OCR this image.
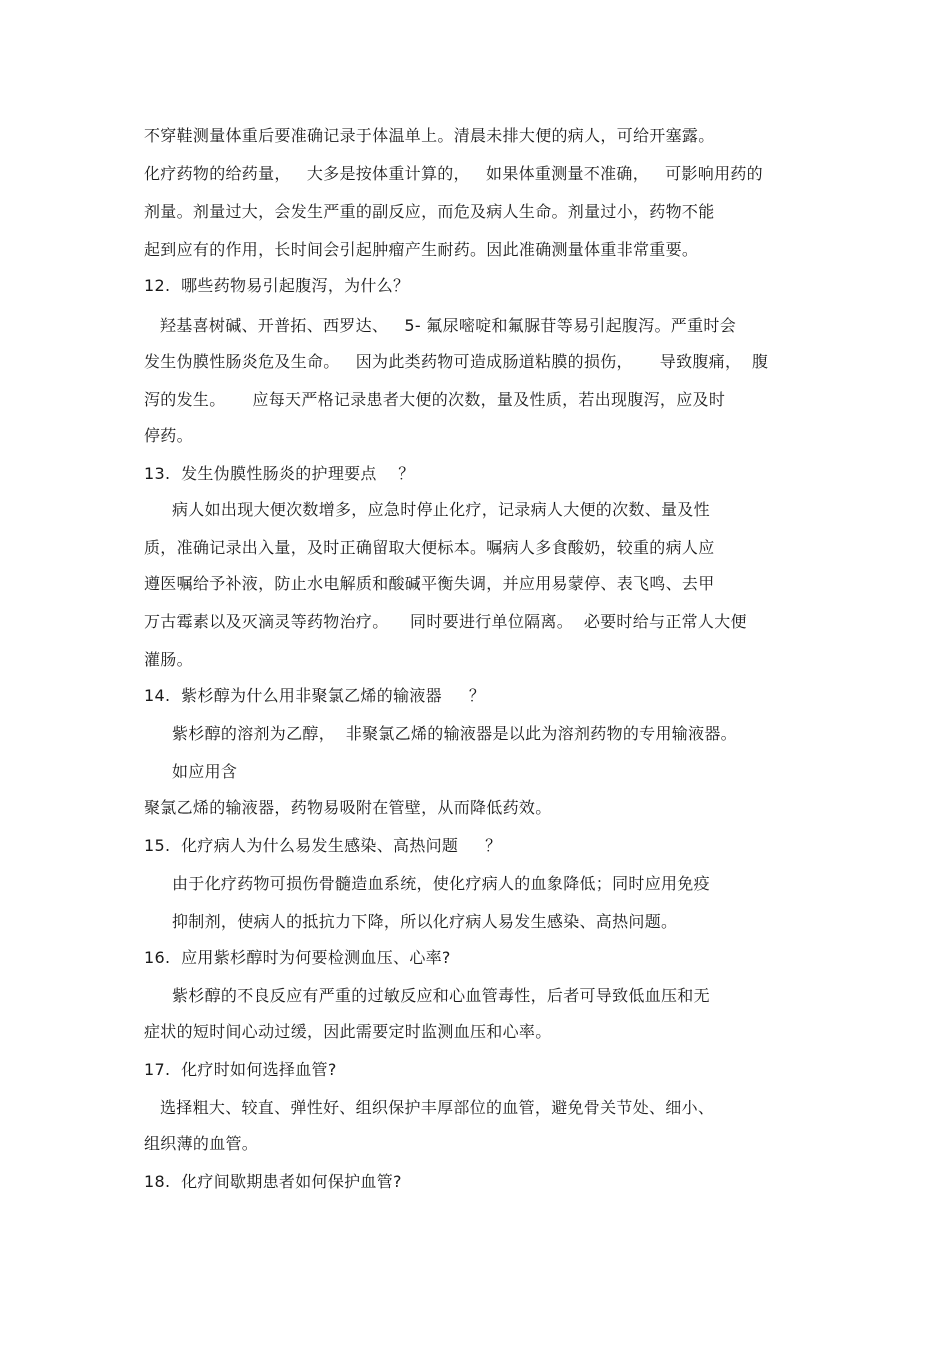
不穿鞋测量体重后要准确记录于体温单上。清晨未排大便的病人，可给开塞露。
化疗药物的给药量，   大多是按体重计算的，   如果体重测量不准确，   可影响用药的
剂量。剂量过大，会发生严重的副反应，而危及病人生命。剂量过小，药物不能
起到应有的作用，长时间会引起肿瘤产生耐药。因此准确测量体重非常重要。
12.  哪些药物易引起腹泻，为什么？
羟基喜树碱、开普拓、西罗达、   5- 氟尿嘧啶和氟脲苷等易引起腹泻。严重时会
发生伪膜性肠炎危及生命。   因为此类药物可造成肠道粘膜的损伤，     导致腹痛，  腹
泻的发生。     应每天严格记录患者大便的次数，量及性质，若出现腹泻，应及时
停药。
13.  发生伪膜性肠炎的护理要点    ？
病人如出现大便次数增多，应急时停止化疗，记录病人大便的次数、量及性
质，准确记录出入量，及时正确留取大便标本。嘱病人多食酸奶，较重的病人应
遵医嘱给予补液，防止水电解质和酸碱平衡失调，并应用易蒙停、表飞鸣、去甲
万古霉素以及灭滴灵等药物治疗。    同时要进行单位隔离。  必要时给与正常人大便
灌肠。
14.  紫杉醇为什么用非聚氯乙烯的输液器     ？
紫杉醇的溶剂为乙醇，  非聚氯乙烯的输液器是以此为溶剂药物的专用输液器。
如应用含
聚氯乙烯的输液器，药物易吸附在管壁，从而降低药效。
15.  化疗病人为什么易发生感染、高热问题     ？
由于化疗药物可损伤骨髓造血系统，使化疗病人的血象降低；同时应用免疫
抑制剂，使病人的抵抗力下降，所以化疗病人易发生感染、高热问题。
16.  应用紫杉醇时为何要检测血压、心率?
紫杉醇的不良反应有严重的过敏反应和心血管毒性，后者可导致低血压和无
症状的短时间心动过缓，因此需要定时监测血压和心率。
17.  化疗时如何选择血管?
选择粗大、较直、弹性好、组织保护丰厚部位的血管，避免骨关节处、细小、
组织薄的血管。
18.  化疗间歇期患者如何保护血管?
